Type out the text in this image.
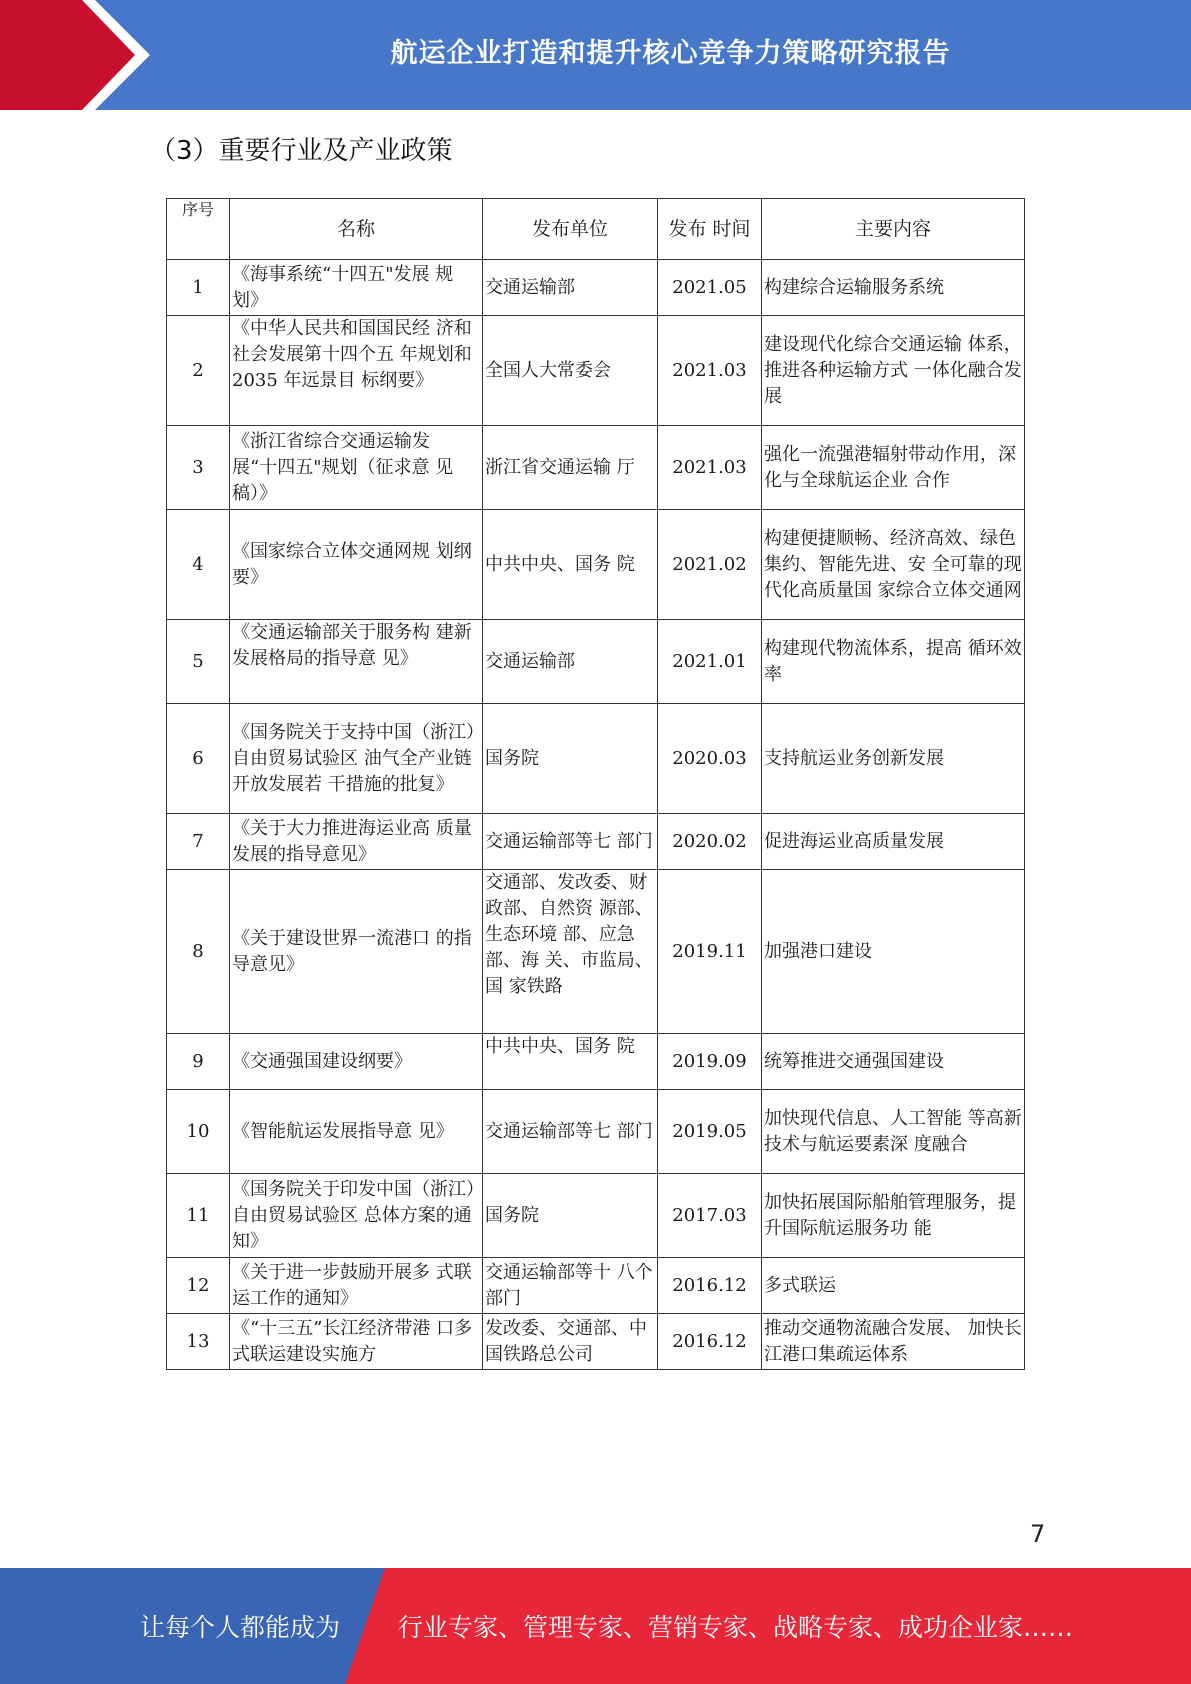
航运企业打造和提升核心竞争力策略研究报告
（3）重要行业及产业政策
序号	名称	发布单位	发布 时间	主要内容
1	《海事系统“十四五"发展 规划》	交通运输部	2021.05	构建综合运输服务系统
2	《中华人民共和国国民经 济和社会发展第十四个五 年规划和 2035 年远景目 标纲要》	全国人大常委会	2021.03	建设现代化综合交通运输 体系，推进各种运输方式 一体化融合发展
3	《浙江省综合交通运输发 展“十四五"规划（征求意 见稿）》	浙江省交通运输 厅	2021.03	强化一流强港辐射带动作用，深化与全球航运企业 合作
4	《国家综合立体交通网规 划纲要》	中共中央、国务 院	2021.02	构建便捷顺畅、经济高效、绿色集约、智能先进、安 全可靠的现代化高质量国 家综合立体交通网
5	《交通运输部关于服务构 建新发展格局的指导意 见》	交通运输部	2021.01	构建现代物流体系，提高 循环效率
6	《国务院关于支持中国（浙江）自由贸易试验区 油气全产业链开放发展若 干措施的批复》	国务院	2020.03	支持航运业务创新发展
7	《关于大力推进海运业高 质量发展的指导意见》	交通运输部等七 部门	2020.02	促进海运业高质量发展
8	《关于建设世界一流港口 的指导意见》	交通部、发改委、财政部、自然资 源部、生态环境 部、应急部、海 关、市监局、国 家铁路	2019.11	加强港口建设
9	《交通强国建设纲要》	中共中央、国务 院	2019.09	统筹推进交通强国建设
10	《智能航运发展指导意 见》	交通运输部等七 部门	2019.05	加快现代信息、人工智能 等高新技术与航运要素深 度融合
11	《国务院关于印发中国（浙江）自由贸易试验区 总体方案的通知》	国务院	2017.03	加快拓展国际船舶管理服务，提升国际航运服务功 能
12	《关于进一步鼓励开展多 式联运工作的通知》	交通运输部等十 八个部门	2016.12	多式联运
13	《“十三五”长江经济带港 口多式联运建设实施方	发改委、交通部、中国铁路总公司	2016.12	推动交通物流融合发展、 加快长江港口集疏运体系
7
让每个人都能成为 行业专家、管理专家、营销专家、战略专家、成功企业家……
